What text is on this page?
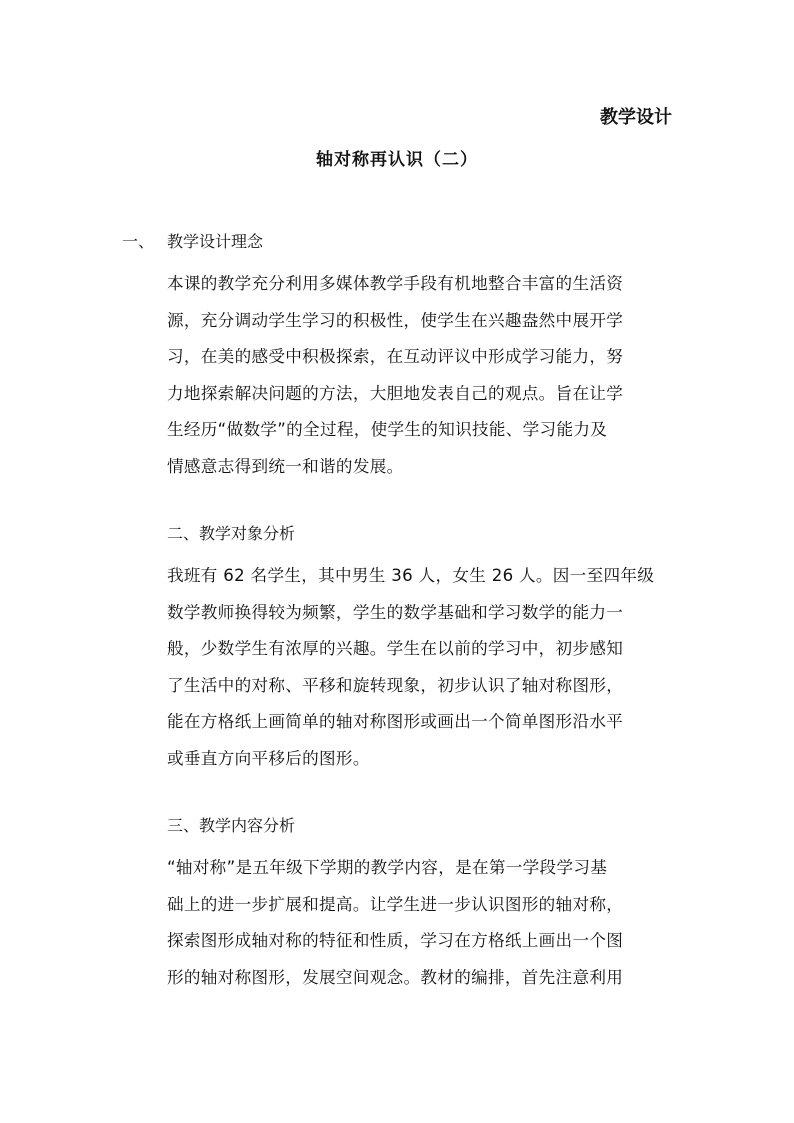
教学设计
轴对称再认识（二）
一、 教学设计理念
本课的教学充分利用多媒体教学手段有机地整合丰富的生活资
源，充分调动学生学习的积极性，使学生在兴趣盎然中展开学
习，在美的感受中积极探索，在互动评议中形成学习能力，努
力地探索解决问题的方法，大胆地发表自己的观点。旨在让学
生经历“做数学”的全过程，使学生的知识技能、学习能力及
情感意志得到统一和谐的发展。
二、教学对象分析
我班有 62 名学生，其中男生 36 人，女生 26 人。因一至四年级
数学教师换得较为频繁，学生的数学基础和学习数学的能力一
般，少数学生有浓厚的兴趣。学生在以前的学习中，初步感知
了生活中的对称、平移和旋转现象，初步认识了轴对称图形，
能在方格纸上画简单的轴对称图形或画出一个简单图形沿水平
或垂直方向平移后的图形。
三、教学内容分析
“轴对称”是五年级下学期的教学内容，是在第一学段学习基
础上的进一步扩展和提高。让学生进一步认识图形的轴对称，
探索图形成轴对称的特征和性质，学习在方格纸上画出一个图
形的轴对称图形，发展空间观念。教材的编排，首先注意利用
